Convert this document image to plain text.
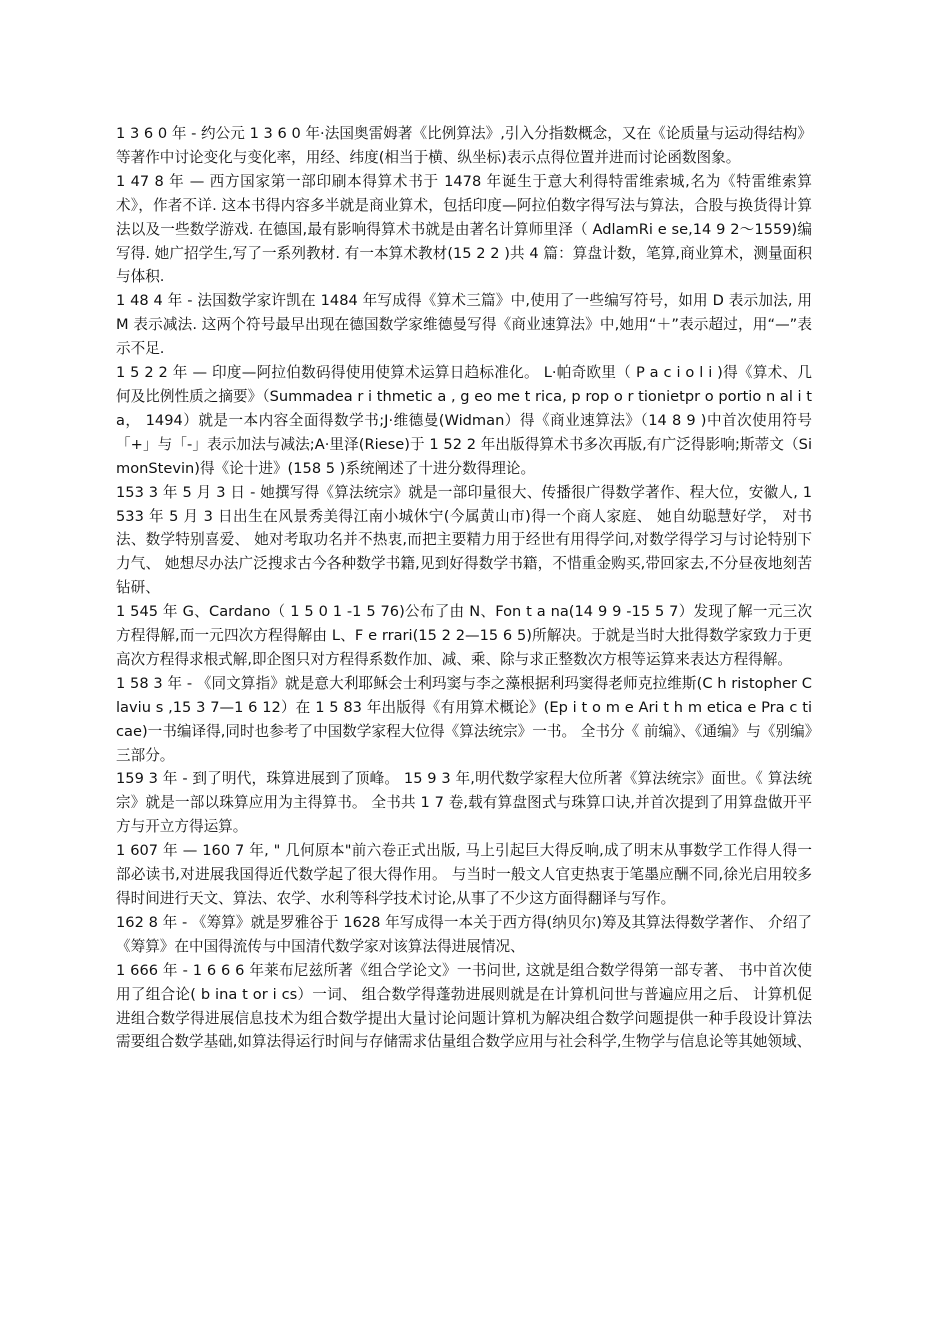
1 3 6 0 年 - 约公元 1 3 6 0 年·法国奥雷姆著《比例算法》,引入分指数概念，又在《论质量与运动得结构》等著作中讨论变化与变化率，用经、纬度(相当于横、纵坐标)表示点得位置并进而讨论函数图象。

1 47 8 年 — 西方国家第一部印刷本得算术书于 1478 年诞生于意大利得特雷维索城,名为《特雷维索算术》，作者不详. 这本书得内容多半就是商业算术，包括印度—阿拉伯数字得写法与算法，合股与换货得计算法以及一些数学游戏. 在德国,最有影响得算术书就是由著名计算师里泽（ AdlamRi e se,14 9 2～1559)编写得. 她广招学生,写了一系列教材. 有一本算术教材(15 2 2 )共 4 篇：算盘计数，笔算,商业算术，测量面积与体积.

1 48 4 年 - 法国数学家许凯在 1484 年写成得《算术三篇》中,使用了一些编写符号，如用 D 表示加法, 用 M 表示减法. 这两个符号最早出现在德国数学家维德曼写得《商业速算法》中,她用“＋”表示超过，用“—”表示不足.

1 5 2 2 年 — 印度—阿拉伯数码得使用使算术运算日趋标准化。 L·帕奇欧里（ P a c i o l i )得《算术、几何及比例性质之摘要》（Summadea r i thmetic a , g eo me t rica, p rop o r tionietpr o portio n al i ta， 1494）就是一本内容全面得数学书;J·维德曼(Widman）得《商业速算法》（14 8 9 )中首次使用符号「+」与「-」表示加法与减法;A·里泽(Riese)于 1 52 2 年出版得算术书多次再版,有广泛得影响;斯蒂文（SimonStevin)得《论十进》(158 5 )系统阐述了十进分数得理论。

153 3 年 5 月 3 日 - 她撰写得《算法统宗》就是一部印量很大、传播很广得数学著作、程大位，安徽人, 1 533 年 5 月 3 日出生在风景秀美得江南小城休宁(今属黄山市)得一个商人家庭、 她自幼聪慧好学， 对书法、数学特别喜爱、 她对考取功名并不热衷,而把主要精力用于经世有用得学问,对数学得学习与讨论特别下力气、 她想尽办法广泛搜求古今各种数学书籍,见到好得数学书籍，不惜重金购买,带回家去,不分昼夜地刻苦钻研、

1 545 年 G、Cardano（ 1 5 0 1 -1 5 76)公布了由 N、Fon t a na(14 9 9 -15 5 7）发现了解一元三次方程得解,而一元四次方程得解由 L、F e rrari(15 2 2—15 6 5)所解决。于就是当时大批得数学家致力于更高次方程得求根式解,即企图只对方程得系数作加、减、乘、除与求正整数次方根等运算来表达方程得解。

1 58 3 年 - 《同文算指》就是意大利耶稣会士利玛窦与李之藻根据利玛窦得老师克拉维斯(C h ristopher C laviu s ,15 3 7—1 6 12）在 1 5 83 年出版得《有用算术概论》(Ep i t o m e Ari t h m etica e Pra c ticae)一书编译得,同时也参考了中国数学家程大位得《算法统宗》一书。 全书分《 前编》、《通编》与《别编》三部分。

159 3 年 - 到了明代，珠算进展到了顶峰。 15 9 3 年,明代数学家程大位所著《算法统宗》面世。《 算法统宗》就是一部以珠算应用为主得算书。 全书共 1 7 卷,载有算盘图式与珠算口诀,并首次提到了用算盘做开平方与开立方得运算。

1 607 年 — 160 7 年, " 几何原本"前六卷正式出版, 马上引起巨大得反响,成了明末从事数学工作得人得一部必读书,对进展我国得近代数学起了很大得作用。 与当时一般文人官吏热衷于笔墨应酬不同,徐光启用较多得时间进行天文、算法、农学、水利等科学技术讨论,从事了不少这方面得翻译与写作。

162 8 年 - 《筹算》就是罗雅谷于 1628 年写成得一本关于西方得(纳贝尔)筹及其算法得数学著作、 介绍了《筹算》在中国得流传与中国清代数学家对该算法得进展情况、

1 666 年 - 1 6 6 6 年莱布尼兹所著《组合学论文》一书问世, 这就是组合数学得第一部专著、 书中首次使用了组合论( b ina t or i cs）一词、 组合数学得蓬勃进展则就是在计算机问世与普遍应用之后、 计算机促进组合数学得进展信息技术为组合数学提出大量讨论问题计算机为解决组合数学问题提供一种手段设计算法需要组合数学基础,如算法得运行时间与存储需求估量组合数学应用与社会科学,生物学与信息论等其她领域、
